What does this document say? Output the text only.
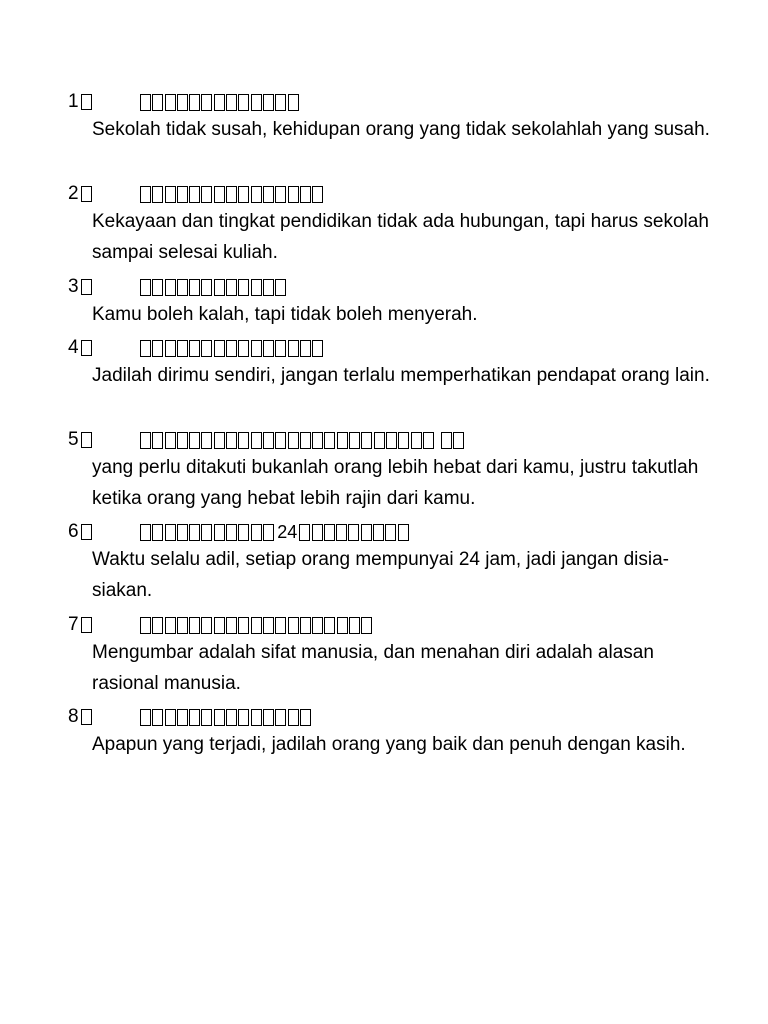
1
Sekolah tidak susah, kehidupan orang yang tidak sekolahlah yang susah.
2
Kekayaan dan tingkat pendidikan tidak ada hubungan, tapi harus sekolah sampai selesai kuliah.
3
Kamu boleh kalah, tapi tidak boleh menyerah.
4
Jadilah dirimu sendiri, jangan terlalu memperhatikan pendapat orang lain.
5
yang perlu ditakuti bukanlah orang lebih hebat dari kamu, justru takutlah ketika orang yang hebat lebih rajin dari kamu.
6	24
Waktu selalu adil, setiap orang mempunyai 24 jam, jadi jangan disia-siakan.
7
Mengumbar adalah sifat manusia, dan menahan diri adalah alasan rasional manusia.
8
Apapun yang terjadi, jadilah orang yang baik dan penuh dengan kasih.
